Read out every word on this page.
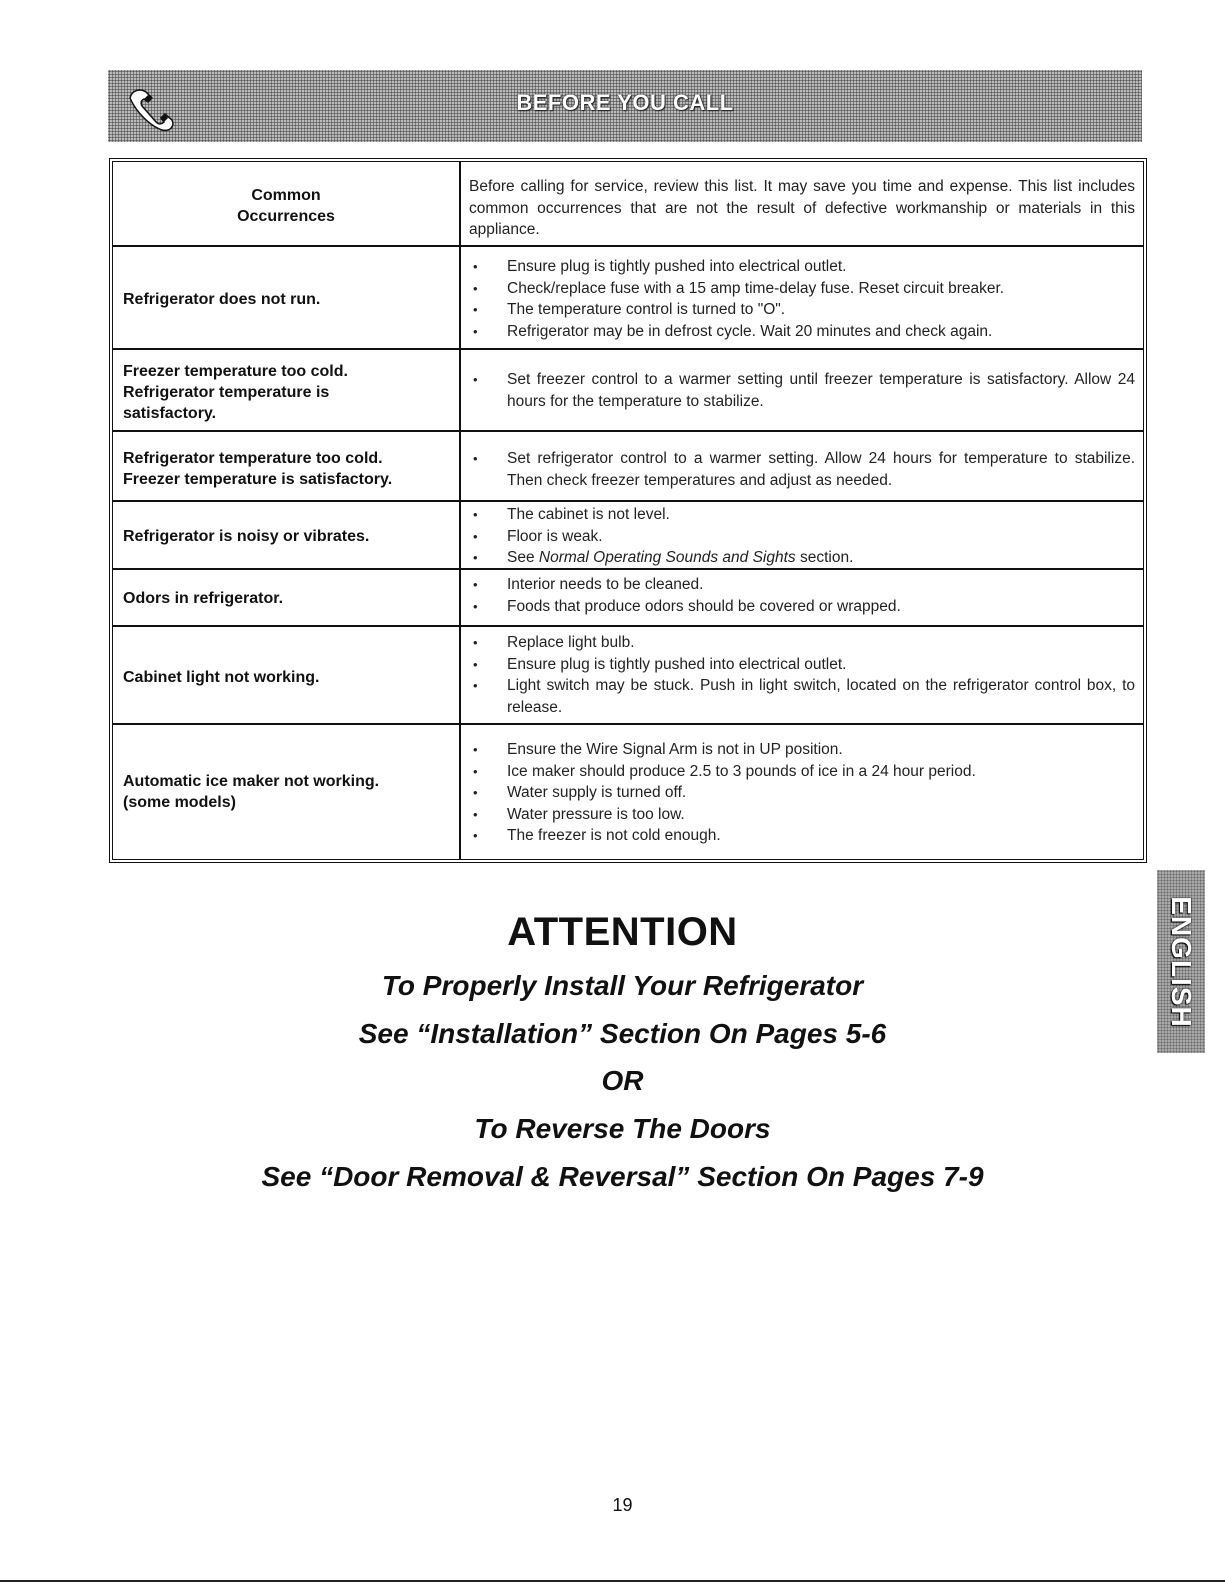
BEFORE YOU CALL
Common
Occurrences
Before calling for service, review this list. It may save you time and expense. This list includes common occurrences that are not the result of defective workmanship or materials in this appliance.
Refrigerator does not run.
• Ensure plug is tightly pushed into electrical outlet.
• Check/replace fuse with a 15 amp time-delay fuse. Reset circuit breaker.
• The temperature control is turned to "O".
• Refrigerator may be in defrost cycle. Wait 20 minutes and check again.
Freezer temperature too cold.
Refrigerator temperature is
satisfactory.
• Set freezer control to a warmer setting until freezer temperature is satisfactory. Allow 24 hours for the temperature to stabilize.
Refrigerator temperature too cold.
Freezer temperature is satisfactory.
• Set refrigerator control to a warmer setting. Allow 24 hours for temperature to stabilize. Then check freezer temperatures and adjust as needed.
Refrigerator is noisy or vibrates.
• The cabinet is not level.
• Floor is weak.
• See Normal Operating Sounds and Sights section.
Odors in refrigerator.
• Interior needs to be cleaned.
• Foods that produce odors should be covered or wrapped.
Cabinet light not working.
• Replace light bulb.
• Ensure plug is tightly pushed into electrical outlet.
• Light switch may be stuck. Push in light switch, located on the refrigerator control box, to release.
Automatic ice maker not working.
(some models)
• Ensure the Wire Signal Arm is not in UP position.
• Ice maker should produce 2.5 to 3 pounds of ice in a 24 hour period.
• Water supply is turned off.
• Water pressure is too low.
• The freezer is not cold enough.
ATTENTION
To Properly Install Your Refrigerator
See “Installation” Section On Pages 5-6
OR
To Reverse The Doors
See “Door Removal & Reversal” Section On Pages 7-9
ENGLISH
19
